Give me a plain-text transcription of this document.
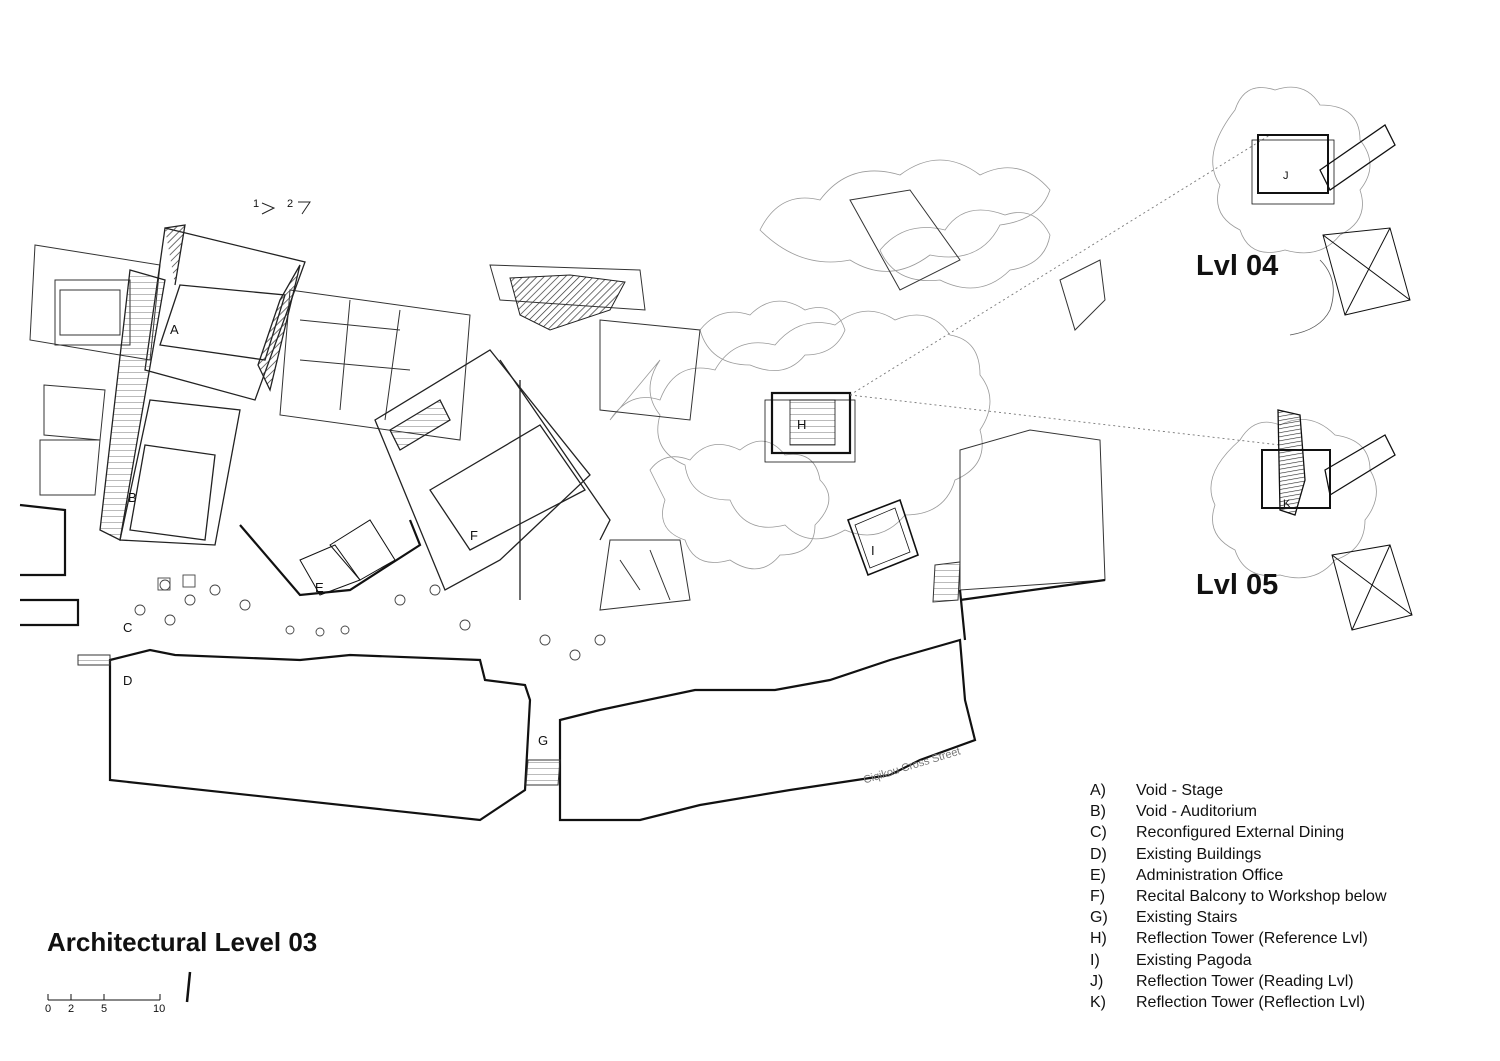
1	2
A
B
C
D
E
F
G
H
I
J
K
Lvl 04
Lvl 05
Ciqikou Cross Street
Architectural Level 03
0 2 5	10
A)	Void - Stage
B)	Void - Auditorium
C)	Reconfigured External Dining
D)	Existing Buildings
E)	Administration Office
F)	Recital Balcony to Workshop below
G)	Existing Stairs
H)	Reflection Tower (Reference Lvl)
I)	Existing Pagoda
J)	Reflection Tower (Reading Lvl)
K)	Reflection Tower (Reflection Lvl)
